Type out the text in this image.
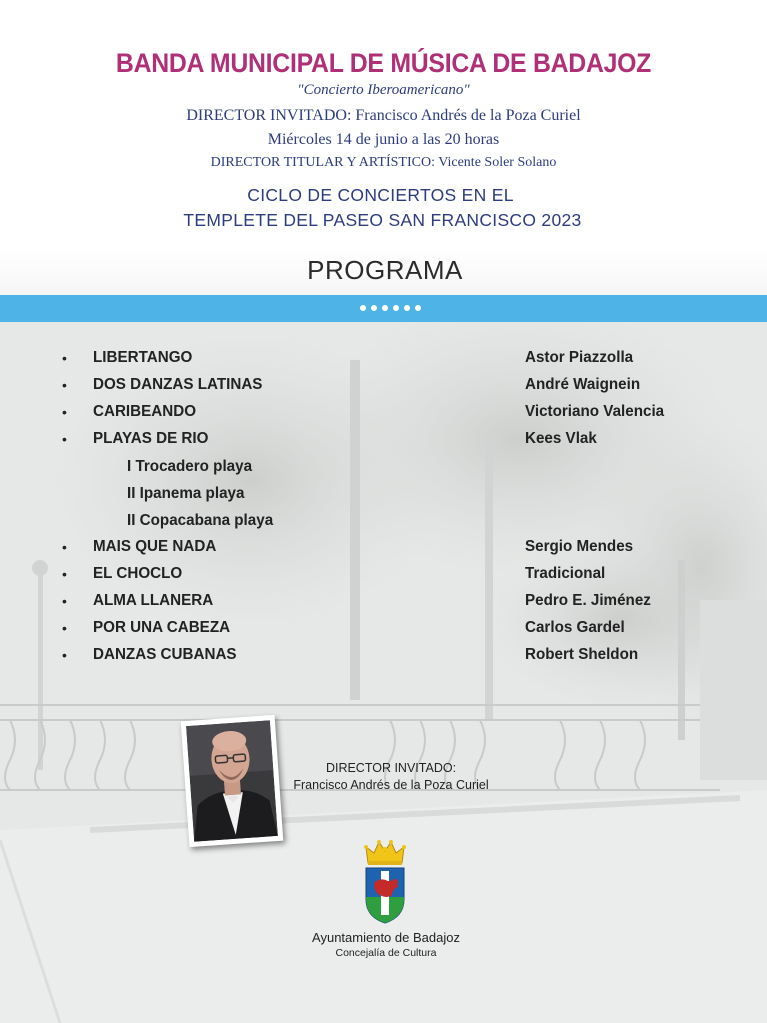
BANDA MUNICIPAL DE MÚSICA DE BADAJOZ
"Concierto Iberoamericano"
DIRECTOR INVITADO: Francisco Andrés de la Poza Curiel
Miércoles 14 de junio a las 20 horas
DIRECTOR TITULAR Y ARTÍSTICO: Vicente Soler Solano
CICLO DE CONCIERTOS EN EL
TEMPLETE DEL PASEO SAN FRANCISCO 2023
PROGRAMA
• LIBERTANGO	Astor Piazzolla
• DOS DANZAS LATINAS	André Waignein
• CARIBEANDO	Victoriano Valencia
• PLAYAS DE RIO	Kees Vlak
I Trocadero playa
II Ipanema playa
II Copacabana playa
• MAIS QUE NADA	Sergio Mendes
• EL CHOCLO	Tradicional
• ALMA LLANERA	Pedro E. Jiménez
• POR UNA CABEZA	Carlos Gardel
• DANZAS CUBANAS	Robert Sheldon
DIRECTOR INVITADO:
Francisco Andrés de la Poza Curiel
Ayuntamiento de Badajoz
Concejalía de Cultura
